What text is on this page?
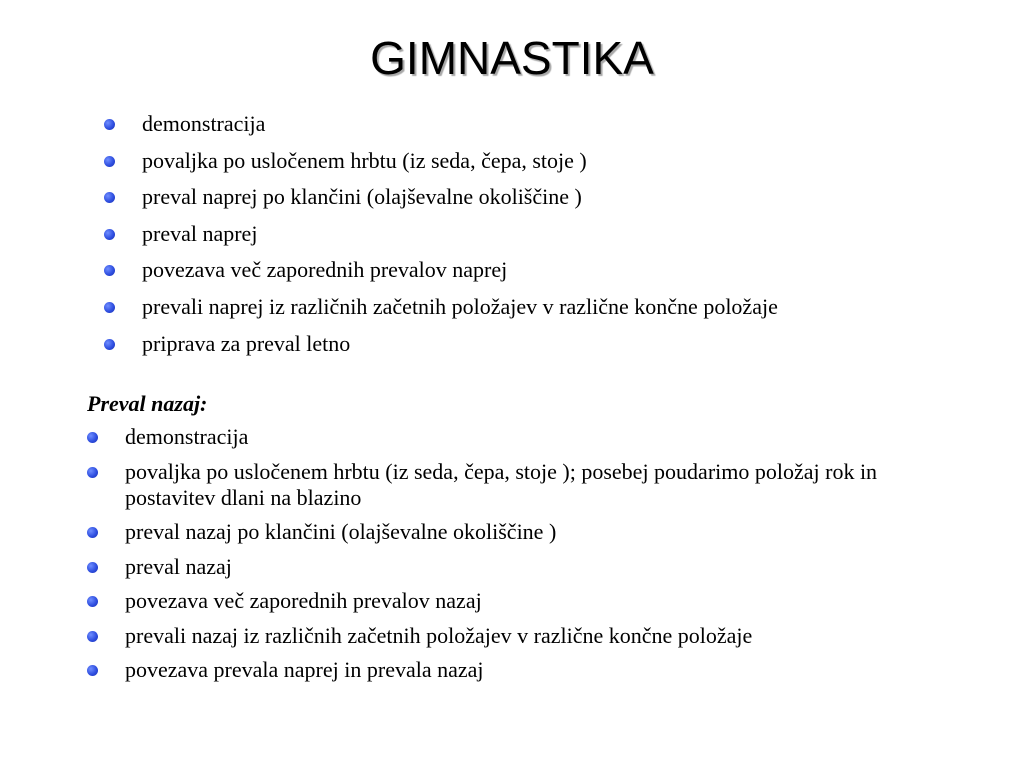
GIMNASTIKA
demonstracija
povaljka po usločenem hrbtu (iz seda, čepa, stoje )
preval naprej po klančini (olajševalne okoliščine )
preval naprej
povezava več zaporednih prevalov naprej
prevali naprej iz različnih začetnih položajev v različne končne položaje
priprava za preval letno

Preval nazaj:

demonstracija
povaljka po usločenem hrbtu (iz seda, čepa, stoje ); posebej poudarimo položaj rok in postavitev dlani na blazino
preval nazaj po klančini (olajševalne okoliščine )
preval nazaj
povezava več zaporednih prevalov nazaj
prevali nazaj iz različnih začetnih položajev v različne končne položaje
povezava prevala naprej in prevala nazaj
